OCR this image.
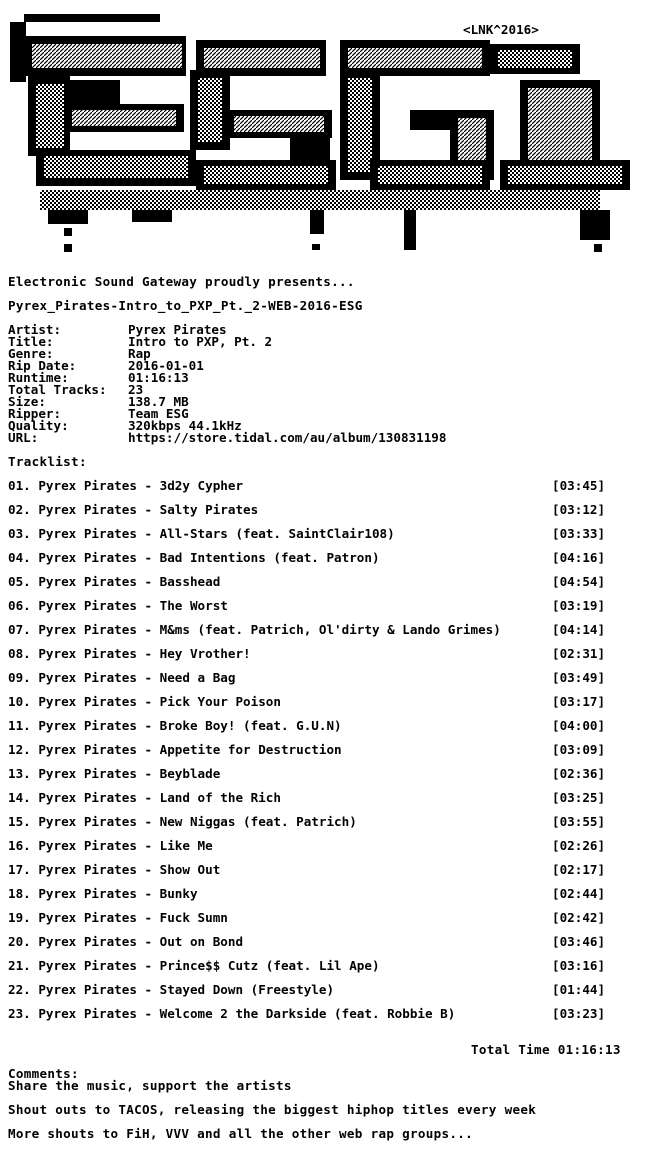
<LNK^2016>
Electronic Sound Gateway proudly presents...
Pyrex_Pirates-Intro_to_PXP_Pt._2-WEB-2016-ESG
Artist:	Pyrex Pirates
Title:	Intro to PXP, Pt. 2
Genre:	Rap
Rip Date:	2016-01-01
Runtime:	01:16:13
Total Tracks: 23
Size:	138.7 MB
Ripper:	Team ESG
Quality:	320kbps 44.1kHz
URL:	https://store.tidal.com/au/album/130831198
Tracklist:
01. Pyrex Pirates - 3d2y Cypher	[03:45]
02. Pyrex Pirates - Salty Pirates	[03:12]
03. Pyrex Pirates - All-Stars (feat. SaintClair108)	[03:33]
04. Pyrex Pirates - Bad Intentions (feat. Patron)	[04:16]
05. Pyrex Pirates - Basshead	[04:54]
06. Pyrex Pirates - The Worst	[03:19]
07. Pyrex Pirates - M&ms (feat. Patrich, Ol'dirty & Lando Grimes)	[04:14]
08. Pyrex Pirates - Hey Vrother!	[02:31]
09. Pyrex Pirates - Need a Bag	[03:49]
10. Pyrex Pirates - Pick Your Poison	[03:17]
11. Pyrex Pirates - Broke Boy! (feat. G.U.N)	[04:00]
12. Pyrex Pirates - Appetite for Destruction	[03:09]
13. Pyrex Pirates - Beyblade	[02:36]
14. Pyrex Pirates - Land of the Rich	[03:25]
15. Pyrex Pirates - New Niggas (feat. Patrich)	[03:55]
16. Pyrex Pirates - Like Me	[02:26]
17. Pyrex Pirates - Show Out	[02:17]
18. Pyrex Pirates - Bunky	[02:44]
19. Pyrex Pirates - Fuck Sumn	[02:42]
20. Pyrex Pirates - Out on Bond	[03:46]
21. Pyrex Pirates - Prince$$ Cutz (feat. Lil Ape)	[03:16]
22. Pyrex Pirates - Stayed Down (Freestyle)	[01:44]
23. Pyrex Pirates - Welcome 2 the Darkside (feat. Robbie B)	[03:23]
Total Time 01:16:13
Comments:
Share the music, support the artists
Shout outs to TACOS, releasing the biggest hiphop titles every week
More shouts to FiH, VVV and all the other web rap groups...
